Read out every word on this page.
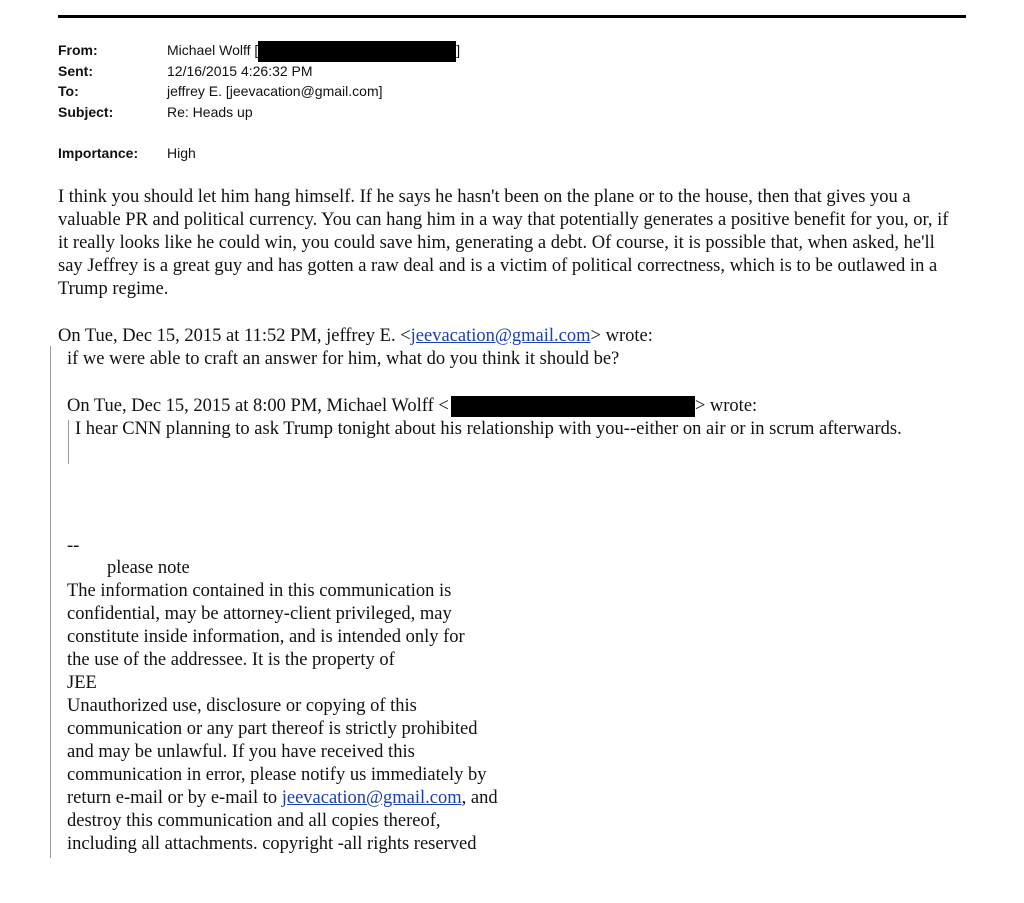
From:	Michael Wolff [	]
Sent:	12/16/2015 4:26:32 PM
To:	jeffrey E. [jeevacation@gmail.com]
Subject:	Re: Heads up
Importance: High

I think you should let him hang himself. If he says he hasn't been on the plane or to the house, then that gives you a valuable PR and political currency. You can hang him in a way that potentially generates a positive benefit for you, or, if it really looks like he could win, you could save him, generating a debt. Of course, it is possible that, when asked, he'll say Jeffrey is a great guy and has gotten a raw deal and is a victim of political correctness, which is to be outlawed in a Trump regime.

On Tue, Dec 15, 2015 at 11:52 PM, jeffrey E. <jeevacation@gmail.com> wrote:
if we were able to craft an answer for him, what do you think it should be?
On Tue, Dec 15, 2015 at 8:00 PM, Michael Wolff <	> wrote:

I hear CNN planning to ask Trump tonight about his relationship with you--either on air or in scrum afterwards.

--
please note
The information contained in this communication is
confidential, may be attorney-client privileged, may
constitute inside information, and is intended only for
the use of the addressee. It is the property of
JEE
Unauthorized use, disclosure or copying of this
communication or any part thereof is strictly prohibited
and may be unlawful. If you have received this
communication in error, please notify us immediately by
return e-mail or by e-mail to jeevacation@gmail.com, and
destroy this communication and all copies thereof,
including all attachments. copyright -all rights reserved
